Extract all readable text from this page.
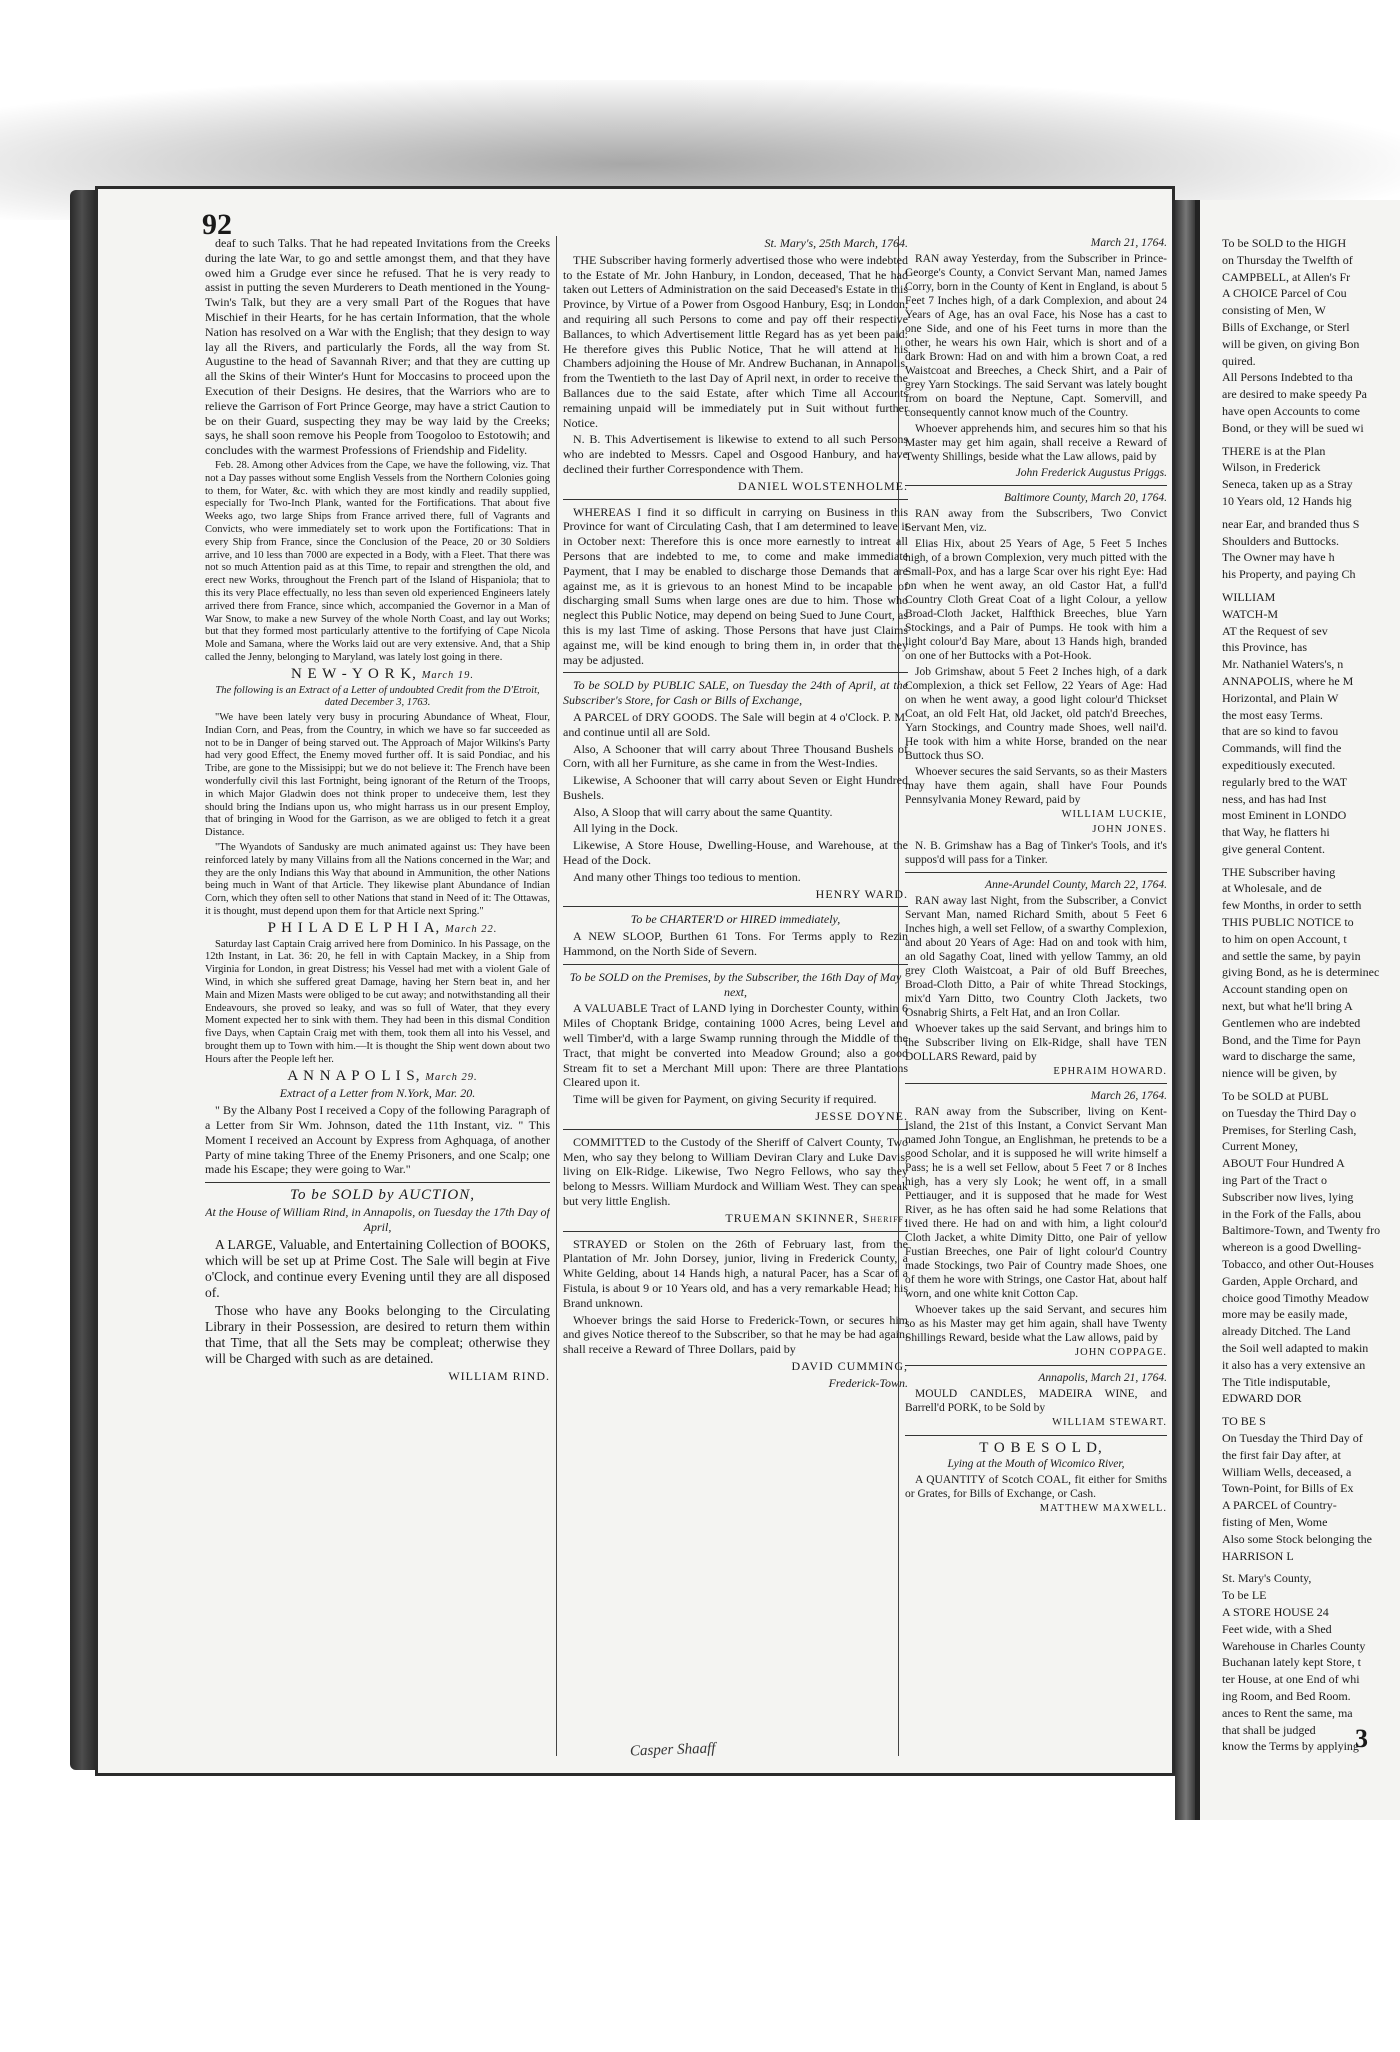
92

deaf to such Talks. That he had repeated Invitations from the Creeks during the late War, to go and settle amongst them, and that they have owed him a Grudge ever since he refused. That he is very ready to assist in putting the seven Murderers to Death mentioned in the Young-Twin's Talk, but they are a very small Part of the Rogues that have Mischief in their Hearts, for he has certain Information, that the whole Nation has resolved on a War with the English; that they design to way lay all the Rivers, and particularly the Fords, all the way from St. Augustine to the head of Savannah River; and that they are cutting up all the Skins of their Winter's Hunt for Moccasins to proceed upon the Execution of their Designs. He desires, that the Warriors who are to relieve the Garrison of Fort Prince George, may have a strict Caution to be on their Guard, suspecting they may be way laid by the Creeks; says, he shall soon remove his People from Toogoloo to Estotowih; and concludes with the warmest Professions of Friendship and Fidelity.

Feb. 28. Among other Advices from the Cape, we have the following, viz. That not a Day passes without some English Vessels from the Northern Colonies going to them, for Water, &c. with which they are most kindly and readily supplied, especially for Two-Inch Plank, wanted for the Fortifications. That about five Weeks ago, two large Ships from France arrived there, full of Vagrants and Convicts, who were immediately set to work upon the Fortifications: That in every Ship from France, since the Conclusion of the Peace, 20 or 30 Soldiers arrive, and 10 less than 7000 are expected in a Body, with a Fleet. That there was not so much Attention paid as at this Time, to repair and strengthen the old, and erect new Works, throughout the French part of the Island of Hispaniola; that to this its very Place effectually, no less than seven old experienced Engineers lately arrived there from France, since which, accompanied the Governor in a Man of War Snow, to make a new Survey of the whole North Coast, and lay out Works; but that they formed most particularly attentive to the fortifying of Cape Nicola Mole and Samana, where the Works laid out are very extensive. And, that a Ship called the Jenny, belonging to Maryland, was lately lost going in there.

N E W - Y O R K, March 19.

The following is an Extract of a Letter of undoubted Credit from the D'Etroit, dated December 3, 1763.

"We have been lately very busy in procuring Abundance of Wheat, Flour, Indian Corn, and Peas, from the Country, in which we have so far succeeded as not to be in Danger of being starved out. The Approach of Major Wilkins's Party had very good Effect, the Enemy moved further off. It is said Pondiac, and his Tribe, are gone to the Missisippi; but we do not believe it: The French have been wonderfully civil this last Fortnight, being ignorant of the Return of the Troops, in which Major Gladwin does not think proper to undeceive them, lest they should bring the Indians upon us, who might harrass us in our present Employ, that of bringing in Wood for the Garrison, as we are obliged to fetch it a great Distance.

"The Wyandots of Sandusky are much animated against us: They have been reinforced lately by many Villains from all the Nations concerned in the War; and they are the only Indians this Way that abound in Ammunition, the other Nations being much in Want of that Article. They likewise plant Abundance of Indian Corn, which they often sell to other Nations that stand in Need of it: The Ottawas, it is thought, must depend upon them for that Article next Spring."

P H I L A D E L P H I A, March 22.

Saturday last Captain Craig arrived here from Dominico. In his Passage, on the 12th Instant, in Lat. 36: 20, he fell in with Captain Mackey, in a Ship from Virginia for London, in great Distress; his Vessel had met with a violent Gale of Wind, in which she suffered great Damage, having her Stern beat in, and her Main and Mizen Masts were obliged to be cut away; and notwithstanding all their Endeavours, she proved so leaky, and was so full of Water, that they every Moment expected her to sink with them. They had been in this dismal Condition five Days, when Captain Craig met with them, took them all into his Vessel, and brought them up to Town with him.—It is thought the Ship went down about two Hours after the People left her.

A N N A P O L I S, March 29.

Extract of a Letter from N.York, Mar. 20.

" By the Albany Post I received a Copy of the following Paragraph of a Letter from Sir Wm. Johnson, dated the 11th Instant, viz. " This Moment I received an Account by Express from Aghquaga, of another Party of mine taking Three of the Enemy Prisoners, and one Scalp; one made his Escape; they were going to War."

To be SOLD by AUCTION,

At the House of William Rind, in Annapolis, on Tuesday the 17th Day of April,

A LARGE, Valuable, and Entertaining Collection of BOOKS, which will be set up at Prime Cost. The Sale will begin at Five o'Clock, and continue every Evening until they are all disposed of.

Those who have any Books belonging to the Circulating Library in their Possession, are desired to return them within that Time, that all the Sets may be compleat; otherwise they will be Charged with such as are detained.

WILLIAM RIND.

St. Mary's, 25th March, 1764.

THE Subscriber having formerly advertised those who were indebted to the Estate of Mr. John Hanbury, in London, deceased, That he had taken out Letters of Administration on the said Deceased's Estate in this Province, by Virtue of a Power from Osgood Hanbury, Esq; in London, and requiring all such Persons to come and pay off their respective Ballances, to which Advertisement little Regard has as yet been paid: He therefore gives this Public Notice, That he will attend at his Chambers adjoining the House of Mr. Andrew Buchanan, in Annapolis, from the Twentieth to the last Day of April next, in order to receive the Ballances due to the said Estate, after which Time all Accounts remaining unpaid will be immediately put in Suit without further Notice.

N. B. This Advertisement is likewise to extend to all such Persons who are indebted to Messrs. Capel and Osgood Hanbury, and have declined their further Correspondence with Them.

DANIEL WOLSTENHOLME.

WHEREAS I find it so difficult in carrying on Business in this Province for want of Circulating Cash, that I am determined to leave it in October next: Therefore this is once more earnestly to intreat all Persons that are indebted to me, to come and make immediate Payment, that I may be enabled to discharge those Demands that are against me, as it is grievous to an honest Mind to be incapable of discharging small Sums when large ones are due to him. Those who neglect this Public Notice, may depend on being Sued to June Court, as this is my last Time of asking. Those Persons that have just Claims against me, will be kind enough to bring them in, in order that they may be adjusted.

To be SOLD by PUBLIC SALE, on Tuesday the 24th of April, at the Subscriber's Store, for Cash or Bills of Exchange,

A PARCEL of DRY GOODS. The Sale will begin at 4 o'Clock. P. M. and continue until all are Sold.

Also, A Schooner that will carry about Three Thousand Bushels of Corn, with all her Furniture, as she came in from the West-Indies.

Likewise, A Schooner that will carry about Seven or Eight Hundred Bushels.

Also, A Sloop that will carry about the same Quantity.

All lying in the Dock.

Likewise, A Store House, Dwelling-House, and Warehouse, at the Head of the Dock.

And many other Things too tedious to mention.

HENRY WARD.

To be CHARTER'D or HIRED immediately,

A NEW SLOOP, Burthen 61 Tons. For Terms apply to Rezin Hammond, on the North Side of Severn.

To be SOLD on the Premises, by the Subscriber, the 16th Day of May next,

A VALUABLE Tract of LAND lying in Dorchester County, within 6 Miles of Choptank Bridge, containing 1000 Acres, being Level and well Timber'd, with a large Swamp running through the Middle of the Tract, that might be converted into Meadow Ground; also a good Stream fit to set a Merchant Mill upon: There are three Plantations Cleared upon it.

Time will be given for Payment, on giving Security if required.

JESSE DOYNE.

COMMITTED to the Custody of the Sheriff of Calvert County, Two Men, who say they belong to William Deviran Clary and Luke Davis, living on Elk-Ridge. Likewise, Two Negro Fellows, who say they belong to Messrs. William Murdock and William West. They can speak but very little English.

TRUEMAN SKINNER, Sheriff.

STRAYED or Stolen on the 26th of February last, from the Plantation of Mr. John Dorsey, junior, living in Frederick County, a White Gelding, about 14 Hands high, a natural Pacer, has a Scar of a Fistula, is about 9 or 10 Years old, and has a very remarkable Head; his Brand unknown.

Whoever brings the said Horse to Frederick-Town, or secures him and gives Notice thereof to the Subscriber, so that he may be had again, shall receive a Reward of Three Dollars, paid by

DAVID CUMMING,

Frederick-Town.

March 21, 1764.

RAN away Yesterday, from the Subscriber in Prince-George's County, a Convict Servant Man, named James Corry, born in the County of Kent in England, is about 5 Feet 7 Inches high, of a dark Complexion, and about 24 Years of Age, has an oval Face, his Nose has a cast to one Side, and one of his Feet turns in more than the other, he wears his own Hair, which is short and of a dark Brown: Had on and with him a brown Coat, a red Waistcoat and Breeches, a Check Shirt, and a Pair of grey Yarn Stockings. The said Servant was lately bought from on board the Neptune, Capt. Somervill, and consequently cannot know much of the Country.

Whoever apprehends him, and secures him so that his Master may get him again, shall receive a Reward of Twenty Shillings, beside what the Law allows, paid by

John Frederick Augustus Priggs.

Baltimore County, March 20, 1764.

RAN away from the Subscribers, Two Convict Servant Men, viz.

Elias Hix, about 25 Years of Age, 5 Feet 5 Inches high, of a brown Complexion, very much pitted with the Small-Pox, and has a large Scar over his right Eye: Had on when he went away, an old Castor Hat, a full'd Country Cloth Great Coat of a light Colour, a yellow Broad-Cloth Jacket, Halfthick Breeches, blue Yarn Stockings, and a Pair of Pumps. He took with him a light colour'd Bay Mare, about 13 Hands high, branded on one of her Buttocks with a Pot-Hook.

Job Grimshaw, about 5 Feet 2 Inches high, of a dark Complexion, a thick set Fellow, 22 Years of Age: Had on when he went away, a good light colour'd Thickset Coat, an old Felt Hat, old Jacket, old patch'd Breeches, Yarn Stockings, and Country made Shoes, well nail'd. He took with him a white Horse, branded on the near Buttock thus SO.

Whoever secures the said Servants, so as their Masters may have them again, shall have Four Pounds Pennsylvania Money Reward, paid by

WILLIAM LUCKIE,

JOHN JONES.

N. B. Grimshaw has a Bag of Tinker's Tools, and it's suppos'd will pass for a Tinker.

Anne-Arundel County, March 22, 1764.

RAN away last Night, from the Subscriber, a Convict Servant Man, named Richard Smith, about 5 Feet 6 Inches high, a well set Fellow, of a swarthy Complexion, and about 20 Years of Age: Had on and took with him, an old Sagathy Coat, lined with yellow Tammy, an old grey Cloth Waistcoat, a Pair of old Buff Breeches, Broad-Cloth Ditto, a Pair of white Thread Stockings, mix'd Yarn Ditto, two Country Cloth Jackets, two Osnabrig Shirts, a Felt Hat, and an Iron Collar.

Whoever takes up the said Servant, and brings him to the Subscriber living on Elk-Ridge, shall have TEN DOLLARS Reward, paid by

EPHRAIM HOWARD.

March 26, 1764.

RAN away from the Subscriber, living on Kent-Island, the 21st of this Instant, a Convict Servant Man named John Tongue, an Englishman, he pretends to be a good Scholar, and it is supposed he will write himself a Pass; he is a well set Fellow, about 5 Feet 7 or 8 Inches high, has a very sly Look; he went off, in a small Pettiauger, and it is supposed that he made for West River, as he has often said he had some Relations that lived there. He had on and with him, a light colour'd Cloth Jacket, a white Dimity Ditto, one Pair of yellow Fustian Breeches, one Pair of light colour'd Country made Stockings, two Pair of Country made Shoes, one of them he wore with Strings, one Castor Hat, about half worn, and one white knit Cotton Cap.

Whoever takes up the said Servant, and secures him so as his Master may get him again, shall have Twenty Shillings Reward, beside what the Law allows, paid by

JOHN COPPAGE.

Annapolis, March 21, 1764.

MOULD CANDLES, MADEIRA WINE, and Barrell'd PORK, to be Sold by

WILLIAM STEWART.

T O B E S O L D,

Lying at the Mouth of Wicomico River,

A QUANTITY of Scotch COAL, fit either for Smiths or Grates, for Bills of Exchange, or Cash.

MATTHEW MAXWELL.

Casper Shaaff

To be SOLD to the HIGH

on Thursday the Twelfth of

CAMPBELL, at Allen's Fr

A CHOICE Parcel of Cou

consisting of Men, W

Bills of Exchange, or Sterl

will be given, on giving Bon

quired.

All Persons Indebted to tha

are desired to make speedy Pa

have open Accounts to come

Bond, or they will be sued wi

THERE is at the Plan

Wilson, in Frederick

Seneca, taken up as a Stray

10 Years old, 12 Hands hig

near Ear, and branded thus S

Shoulders and Buttocks.

The Owner may have h

his Property, and paying Ch

WILLIAM

WATCH-M

AT the Request of sev

this Province, has

Mr. Nathaniel Waters's, n

ANNAPOLIS, where he M

Horizontal, and Plain W

the most easy Terms.

that are so kind to favou

Commands, will find the

expeditiously executed.

regularly bred to the WAT

ness, and has had Inst

most Eminent in LONDO

that Way, he flatters hi

give general Content.

THE Subscriber having

at Wholesale, and de

few Months, in order to setth

THIS PUBLIC NOTICE to

to him on open Account, t

and settle the same, by payin

giving Bond, as he is determinec

Account standing open on

next, but what he'll bring A

Gentlemen who are indebted

Bond, and the Time for Payn

ward to discharge the same,

nience will be given, by

To be SOLD at PUBL

on Tuesday the Third Day o

Premises, for Sterling Cash,

Current Money,

ABOUT Four Hundred A

ing Part of the Tract o

Subscriber now lives, lying

in the Fork of the Falls, abou

Baltimore-Town, and Twenty fro

whereon is a good Dwelling-

Tobacco, and other Out-Houses

Garden, Apple Orchard, and

choice good Timothy Meadow

more may be easily made,

already Ditched. The Land

the Soil well adapted to makin

it also has a very extensive an

The Title indisputable,

EDWARD DOR

TO BE S

On Tuesday the Third Day of

the first fair Day after, at

William Wells, deceased, a

Town-Point, for Bills of Ex

A PARCEL of Country-

fisting of Men, Wome

Also some Stock belonging the

HARRISON L

St. Mary's County,

To be LE

A STORE HOUSE 24

Feet wide, with a Shed

Warehouse in Charles County

Buchanan lately kept Store, t

ter House, at one End of whi

ing Room, and Bed Room.

ances to Rent the same, ma

that shall be judged

know the Terms by applying

3
